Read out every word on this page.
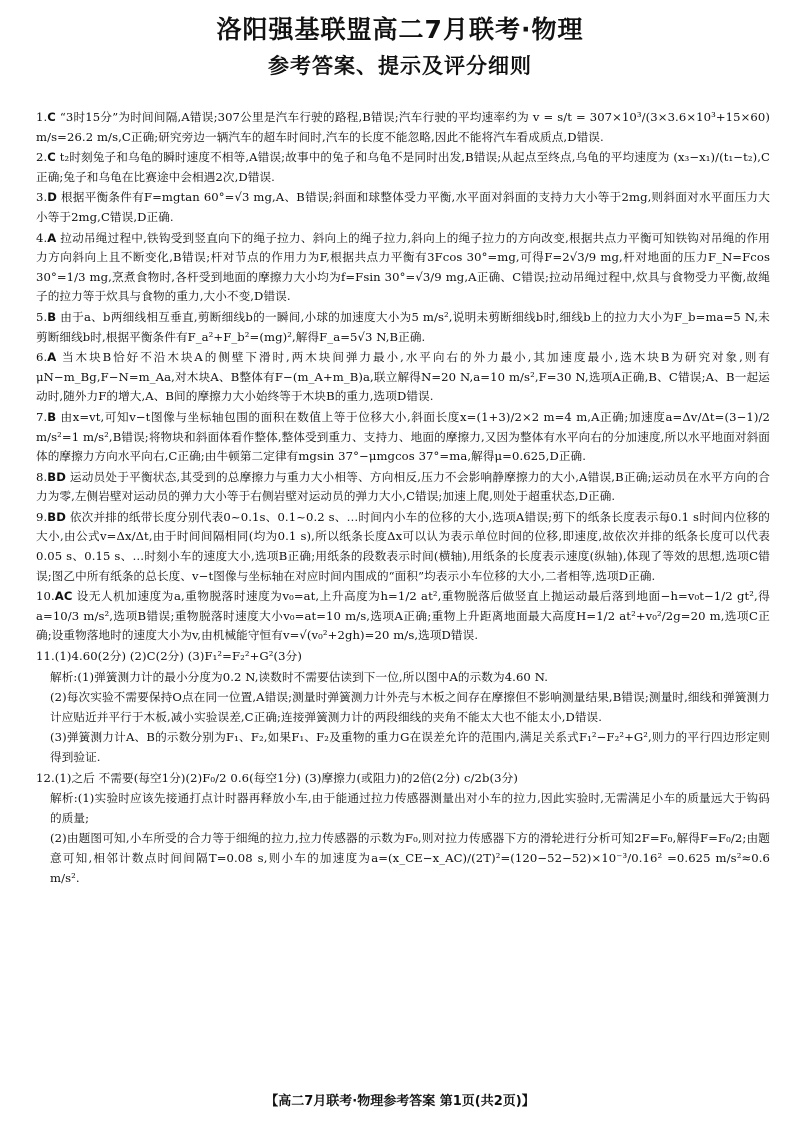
洛阳强基联盟高二7月联考·物理
参考答案、提示及评分细则
1.C “3时15分”为时间间隔,A错误;307公里是汽车行驶的路程,B错误;汽车行驶的平均速率约为 v = s/t = 307×10³/(3×3.6×10³+15×60) m/s=26.2 m/s,C正确;研究旁边一辆汽车的超车时间时,汽车的长度不能忽略,因此不能将汽车看成质点,D错误.
2.C t₂时刻兔子和乌龟的瞬时速度不相等,A错误;故事中的兔子和乌龟不是同时出发,B错误;从起点至终点,乌龟的平均速度为 (x₃−x₁)/(t₁−t₂),C正确;兔子和乌龟在比赛途中会相遇2次,D错误.
3.D 根据平衡条件有F=mgtan 60°=√3 mg,A、B错误;斜面和球整体受力平衡,水平面对斜面的支持力大小等于2mg,则斜面对水平面压力大小等于2mg,C错误,D正确.
4.A 拉动吊绳过程中,铁钩受到竖直向下的绳子拉力、斜向上的绳子拉力,斜向上的绳子拉力的方向改变,根据共点力平衡可知铁钩对吊绳的作用力方向斜向上且不断变化,B错误;杆对节点的作用力为F,根据共点力平衡有3Fcos 30°=mg,可得F=2√3/9 mg,杆对地面的压力F_N=Fcos 30°=1/3 mg,烹煮食物时,各杆受到地面的摩擦力大小均为f=Fsin 30°=√3/9 mg,A正确、C错误;拉动吊绳过程中,炊具与食物受力平衡,故绳子的拉力等于炊具与食物的重力,大小不变,D错误.
5.B 由于a、b两细线相互垂直,剪断细线b的一瞬间,小球的加速度大小为5 m/s²,说明未剪断细线b时,细线b上的拉力大小为F_b=ma=5 N,未剪断细线b时,根据平衡条件有F_a²+F_b²=(mg)²,解得F_a=5√3 N,B正确.
6.A 当木块B恰好不沿木块A的侧壁下滑时,两木块间弹力最小,水平向右的外力最小,其加速度最小,选木块B为研究对象,则有μN−m_Bg,F−N=m_Aa,对木块A、B整体有F−(m_A+m_B)a,联立解得N=20 N,a=10 m/s²,F=30 N,选项A正确,B、C错误;A、B一起运动时,随外力F的增大,A、B间的摩擦力大小始终等于木块B的重力,选项D错误.
7.B 由x=vt,可知v−t图像与坐标轴包围的面积在数值上等于位移大小,斜面长度x=(1+3)/2×2 m=4 m,A正确;加速度a=Δv/Δt=(3−1)/2 m/s²=1 m/s²,B错误;将物块和斜面体看作整体,整体受到重力、支持力、地面的摩擦力,又因为整体有水平向右的分加速度,所以水平地面对斜面体的摩擦力方向水平向右,C正确;由牛顿第二定律有mgsin 37°−μmgcos 37°=ma,解得μ=0.625,D正确.
8.BD 运动员处于平衡状态,其受到的总摩擦力与重力大小相等、方向相反,压力不会影响静摩擦力的大小,A错误,B正确;运动员在水平方向的合力为零,左侧岩壁对运动员的弹力大小等于右侧岩壁对运动员的弹力大小,C错误;加速上爬,则处于超重状态,D正确.
9.BD 依次并排的纸带长度分别代表0~0.1s、0.1~0.2 s、…时间内小车的位移的大小,选项A错误;剪下的纸条长度表示每0.1 s时间内位移的大小,由公式v=Δx/Δt,由于时间间隔相同(均为0.1 s),所以纸条长度Δx可以认为表示单位时间的位移,即速度,故依次并排的纸条长度可以代表0.05 s、0.15 s、…时刻小车的速度大小,选项B正确;用纸条的段数表示时间(横轴),用纸条的长度表示速度(纵轴),体现了等效的思想,选项C错误;图乙中所有纸条的总长度、v−t图像与坐标轴在对应时间内围成的“面积”均表示小车位移的大小,二者相等,选项D正确.
10.AC 设无人机加速度为a,重物脱落时速度为v₀=at,上升高度为h=1/2 at²,重物脱落后做竖直上抛运动最后落到地面−h=v₀t−1/2 gt²,得a=10/3 m/s²,选项B错误;重物脱落时速度大小v₀=at=10 m/s,选项A正确;重物上升距离地面最大高度H=1/2 at²+v₀²/2g=20 m,选项C正确;设重物落地时的速度大小为v,由机械能守恒有v=√(v₀²+2gh)=20 m/s,选项D错误.
11.(1)4.60(2分) (2)C(2分) (3)F₁²=F₂²+G²(3分)
解析:(1)弹簧测力计的最小分度为0.2 N,读数时不需要估读到下一位,所以图中A的示数为4.60 N.
(2)每次实验不需要保持O点在同一位置,A错误;测量时弹簧测力计外壳与木板之间存在摩擦但不影响测量结果,B错误;测量时,细线和弹簧测力计应贴近并平行于木板,减小实验误差,C正确;连接弹簧测力计的两段细线的夹角不能太大也不能太小,D错误.
(3)弹簧测力计A、B的示数分别为F₁、F₂,如果F₁、F₂及重物的重力G在误差允许的范围内,满足关系式F₁²−F₂²+G²,则力的平行四边形定则得到验证.
12.(1)之后 不需要(每空1分)(2)F₀/2 0.6(每空1分) (3)摩擦力(或阻力)的2倍(2分) c/2b(3分)
解析:(1)实验时应该先接通打点计时器再释放小车,由于能通过拉力传感器测量出对小车的拉力,因此实验时,无需满足小车的质量远大于钩码的质量;
(2)由题图可知,小车所受的合力等于细绳的拉力,拉力传感器的示数为F₀,则对拉力传感器下方的滑轮进行分析可知2F=F₀,解得F=F₀/2;由题意可知,相邻计数点时间间隔T=0.08 s,则小车的加速度为a=(x_CE−x_AC)/(2T)²=(120−52−52)×10⁻³/0.16² =0.625 m/s²≈0.6 m/s².
【高二7月联考·物理参考答案 第1页(共2页)】
